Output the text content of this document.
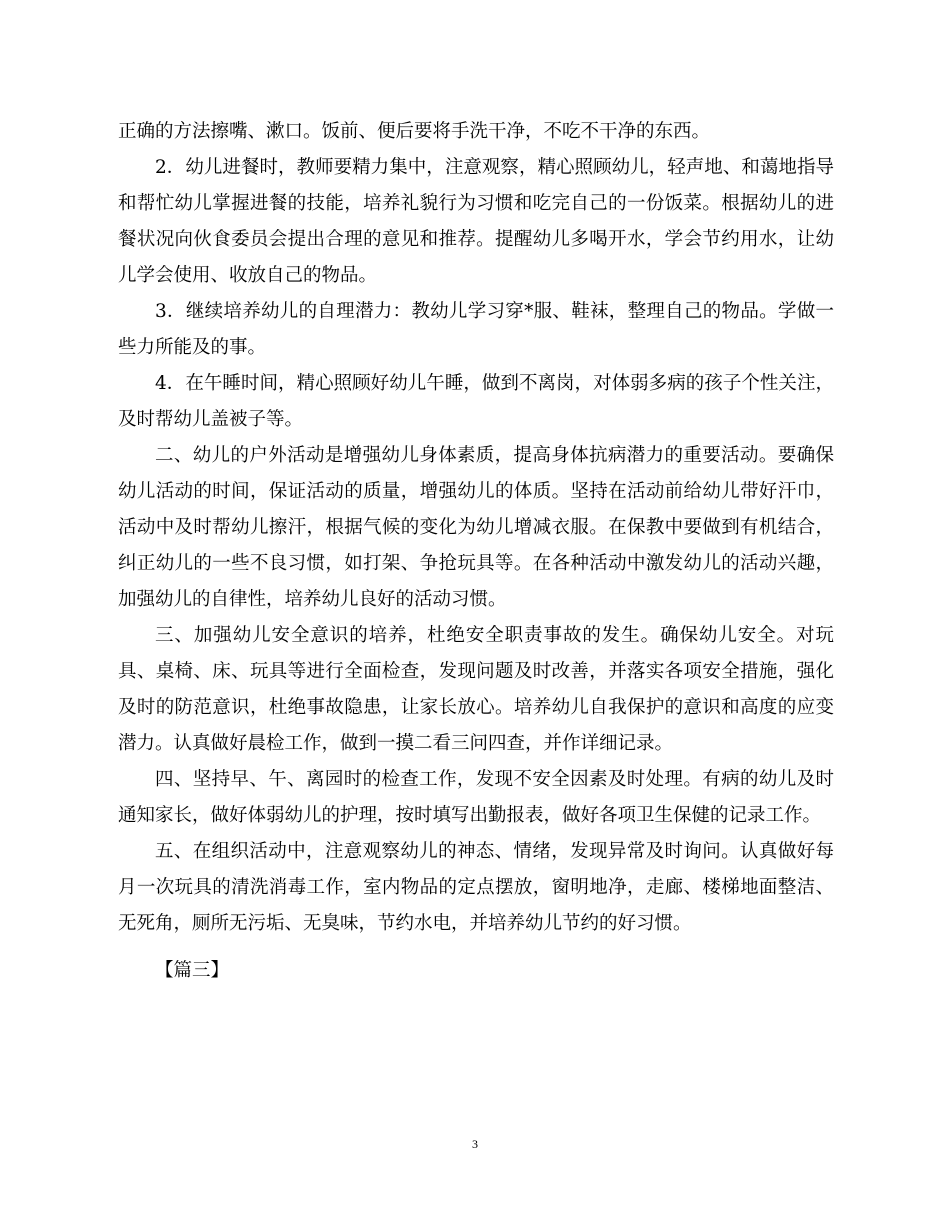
正确的方法擦嘴、漱口。饭前、便后要将手洗干净，不吃不干净的东西。

2．幼儿进餐时，教师要精力集中，注意观察，精心照顾幼儿，轻声地、和蔼地指导和帮忙幼儿掌握进餐的技能，培养礼貌行为习惯和吃完自己的一份饭菜。根据幼儿的进餐状况向伙食委员会提出合理的意见和推荐。提醒幼儿多喝开水，学会节约用水，让幼儿学会使用、收放自己的物品。

3．继续培养幼儿的自理潜力：教幼儿学习穿*服、鞋袜，整理自己的物品。学做一些力所能及的事。

4．在午睡时间，精心照顾好幼儿午睡，做到不离岗，对体弱多病的孩子个性关注，及时帮幼儿盖被子等。

二、幼儿的户外活动是增强幼儿身体素质，提高身体抗病潜力的重要活动。要确保幼儿活动的时间，保证活动的质量，增强幼儿的体质。坚持在活动前给幼儿带好汗巾，活动中及时帮幼儿擦汗，根据气候的变化为幼儿增减衣服。在保教中要做到有机结合，纠正幼儿的一些不良习惯，如打架、争抢玩具等。在各种活动中激发幼儿的活动兴趣，加强幼儿的自律性，培养幼儿良好的活动习惯。

三、加强幼儿安全意识的培养，杜绝安全职责事故的发生。确保幼儿安全。对玩具、桌椅、床、玩具等进行全面检查，发现问题及时改善，并落实各项安全措施，强化及时的防范意识，杜绝事故隐患，让家长放心。培养幼儿自我保护的意识和高度的应变潜力。认真做好晨检工作，做到一摸二看三问四查，并作详细记录。

四、坚持早、午、离园时的检查工作，发现不安全因素及时处理。有病的幼儿及时通知家长，做好体弱幼儿的护理，按时填写出勤报表，做好各项卫生保健的记录工作。

五、在组织活动中，注意观察幼儿的神态、情绪，发现异常及时询问。认真做好每月一次玩具的清洗消毒工作，室内物品的定点摆放，窗明地净，走廊、楼梯地面整洁、无死角，厕所无污垢、无臭味，节约水电，并培养幼儿节约的好习惯。

【篇三】

3
